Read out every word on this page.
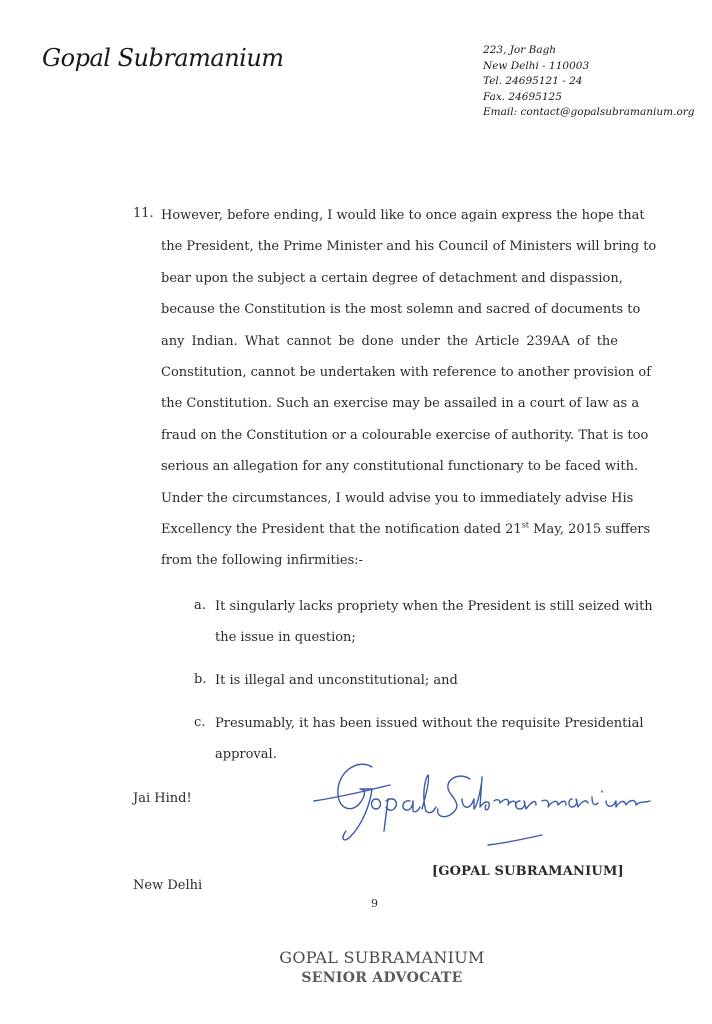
Gopal Subramanium	223, Jor Bagh
New Delhi - 110003
Tel. 24695121 - 24
Fax. 24695125
Email: contact@gopalsubramanium.org
11. However, before ending, I would like to once again express the hope that
the President, the Prime Minister and his Council of Ministers will bring to
bear upon the subject a certain degree of detachment and dispassion,
because the Constitution is the most solemn and sacred of documents to
any Indian. What cannot be done under the Article 239AA of the
Constitution, cannot be undertaken with reference to another provision of
the Constitution. Such an exercise may be assailed in a court of law as a
fraud on the Constitution or a colourable exercise of authority. That is too
serious an allegation for any constitutional functionary to be faced with.
Under the circumstances, I would advise you to immediately advise His
Excellency the President that the notification dated 21st May, 2015 suffers
from the following infirmities:-
a. It singularly lacks propriety when the President is still seized with
the issue in question;
b. It is illegal and unconstitutional; and
c. Presumably, it has been issued without the requisite Presidential
approval.
Jai Hind!
[GOPAL SUBRAMANIUM]
New Delhi
9
GOPAL SUBRAMANIUM
SENIOR ADVOCATE
